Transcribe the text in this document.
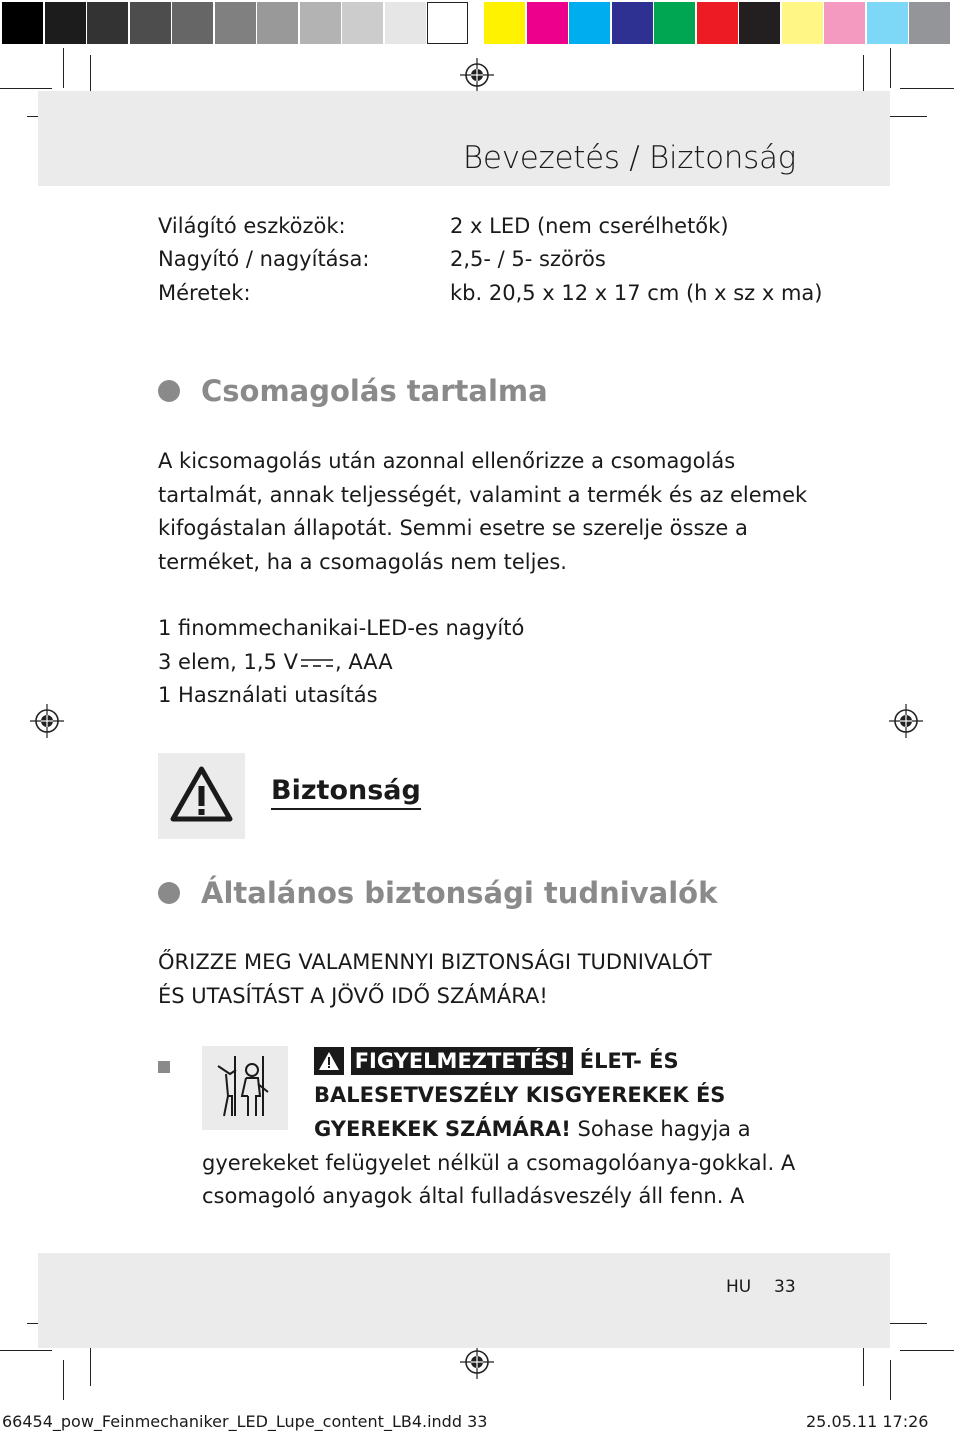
Bevezetés / Biztonság
Világító eszközök:	2 x LED (nem cserélhetők)
Nagyító / nagyítása:	2,5- / 5- szörös
Méretek:	kb. 20,5 x 12 x 17 cm (h x sz x ma)
Csomagolás tartalma
A kicsomagolás után azonnal ellenőrizze a csomagolás
tartalmát, annak teljességét, valamint a termék és az elemek
kifogástalan állapotát. Semmi esetre se szerelje össze a
terméket, ha a csomagolás nem teljes.
1 finommechanikai-LED-es nagyító
3 elem, 1,5 V , AAA
1 Használati utasítás
Biztonság
Általános biztonsági tudnivalók
ŐRIZZE MEG VALAMENNYI BIZTONSÁGI TUDNIVALÓT
ÉS UTASÍTÁST A JÖVŐ IDŐ SZÁMÁRA!
FIGYELMEZTETÉS! ÉLET- ÉS
BALESETVESZÉLY KISGYEREKEK ÉS
GYEREKEK SZÁMÁRA! Sohase hagyja a
gyerekeket felügyelet nélkül a csomagolóanya-gokkal. A
csomagoló anyagok által fulladásveszély áll fenn. A
HU 33
66454_pow_Feinmechaniker_LED_Lupe_content_LB4.indd 33	25.05.11 17:26
